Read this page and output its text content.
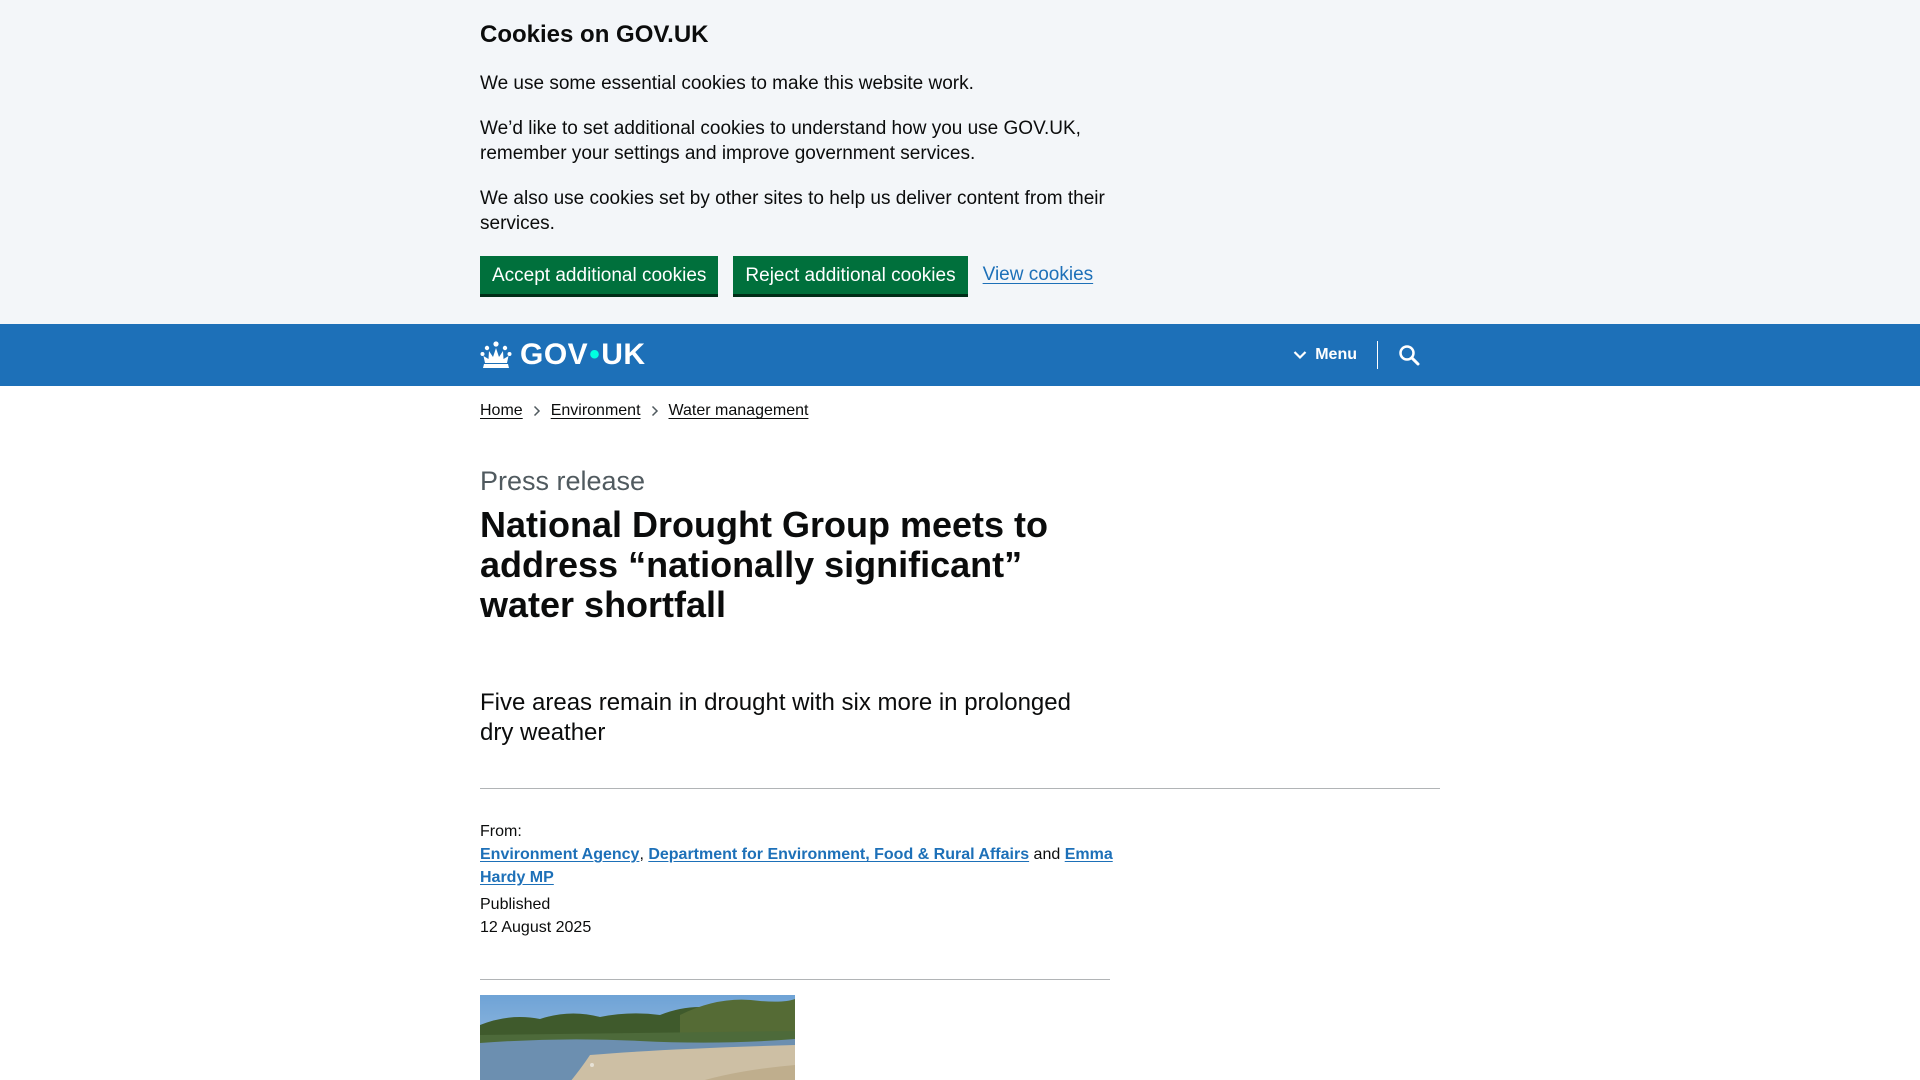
Cookies on GOV.UK

We use some essential cookies to make this website work.

We’d like to set additional cookies to understand how you use GOV.UK, remember your settings and improve government services.

We also use cookies set by other sites to help us deliver content from their services.

Accept additional cookies	Reject additional cookies	View cookies
GOV • UK	Menu
Home Environment Water management
Press release
National Drought Group meets to address “nationally significant” water shortfall

Five areas remain in drought with six more in prolonged dry weather

From:
Environment Agency, Department for Environment, Food & Rural Affairs and Emma Hardy MP
Published
12 August 2025
